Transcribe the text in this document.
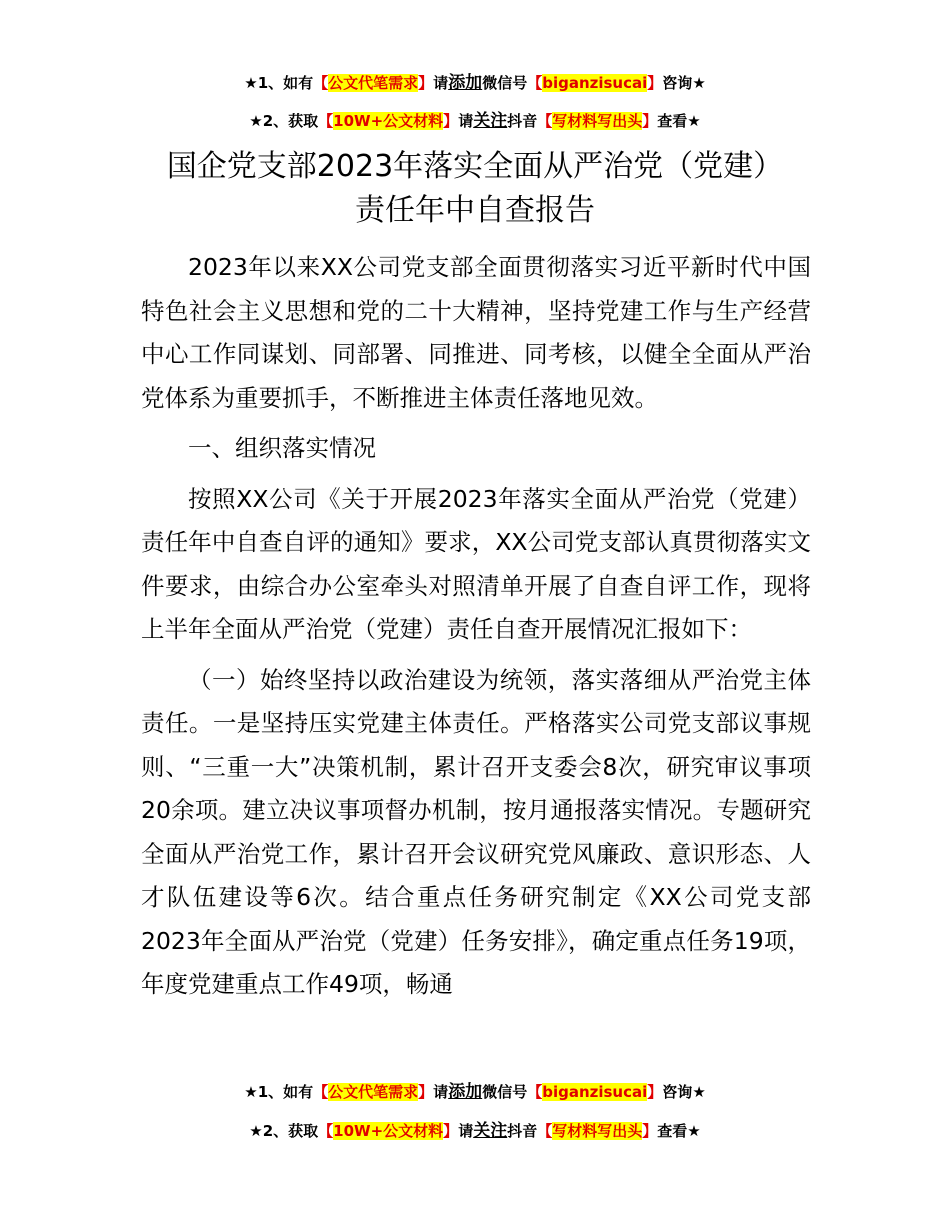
★1、如有【公文代笔需求】请添加微信号【biganzisucai】咨询★
★2、获取【10W+公文材料】请关注抖音【写材料写出头】查看★
国企党支部2023年落实全面从严治党（党建）
责任年中自查报告

2023年以来XX公司党支部全面贯彻落实习近平新时代中国特色社会主义思想和党的二十大精神，坚持党建工作与生产经营中心工作同谋划、同部署、同推进、同考核，以健全全面从严治党体系为重要抓手，不断推进主体责任落地见效。

一、组织落实情况

按照XX公司《关于开展2023年落实全面从严治党（党建）责任年中自查自评的通知》要求，XX公司党支部认真贯彻落实文件要求，由综合办公室牵头对照清单开展了自查自评工作，现将上半年全面从严治党（党建）责任自查开展情况汇报如下：

（一）始终坚持以政治建设为统领，落实落细从严治党主体责任。一是坚持压实党建主体责任。严格落实公司党支部议事规则、“三重一大”决策机制，累计召开支委会8次，研究审议事项20余项。建立决议事项督办机制，按月通报落实情况。专题研究全面从严治党工作，累计召开会议研究党风廉政、意识形态、人才队伍建设等6次。结合重点任务研究制定《XX公司党支部2023年全面从严治党（党建）任务安排》，确定重点任务19项，年度党建重点工作49项，畅通

★1、如有【公文代笔需求】请添加微信号【biganzisucai】咨询★
★2、获取【10W+公文材料】请关注抖音【写材料写出头】查看★
